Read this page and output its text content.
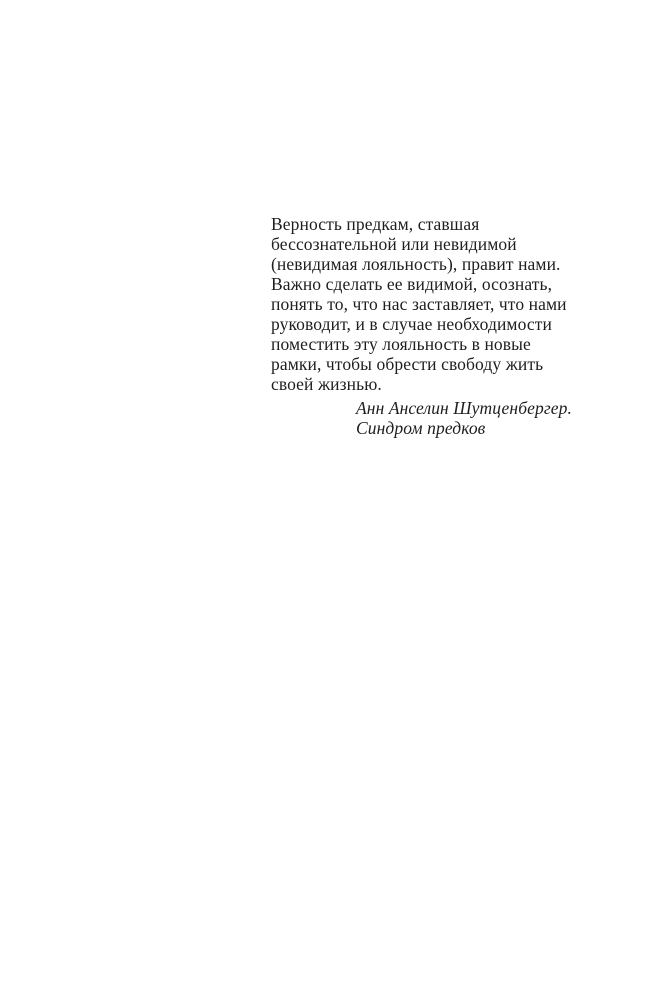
Верность предкам, ставшая
бессознательной или невидимой
(невидимая лояльность), правит нами.
Важно сделать ее видимой, осознать,
понять то, что нас заставляет, что нами
руководит, и в случае необходимости
поместить эту лояльность в новые
рамки, чтобы обрести свободу жить
своей жизнью.
Анн Анселин Шутценбергер.
Синдром предков
